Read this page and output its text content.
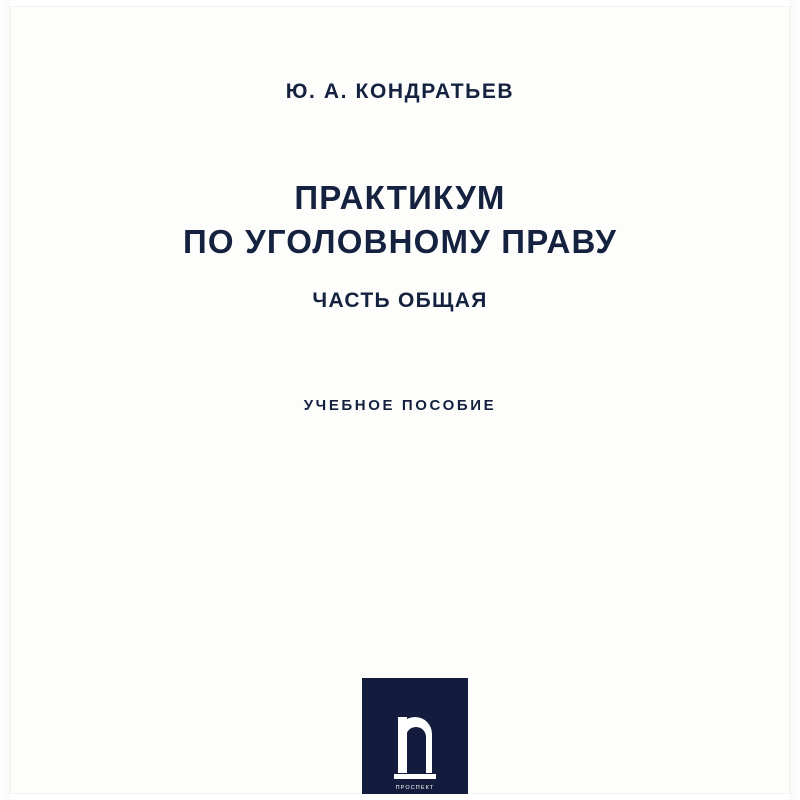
Ю. А. КОНДРАТЬЕВ
ПРАКТИКУМ
ПО УГОЛОВНОМУ ПРАВУ
ЧАСТЬ ОБЩАЯ
УЧЕБНОЕ ПОСОБИЕ
ПРОСПЕКТ
